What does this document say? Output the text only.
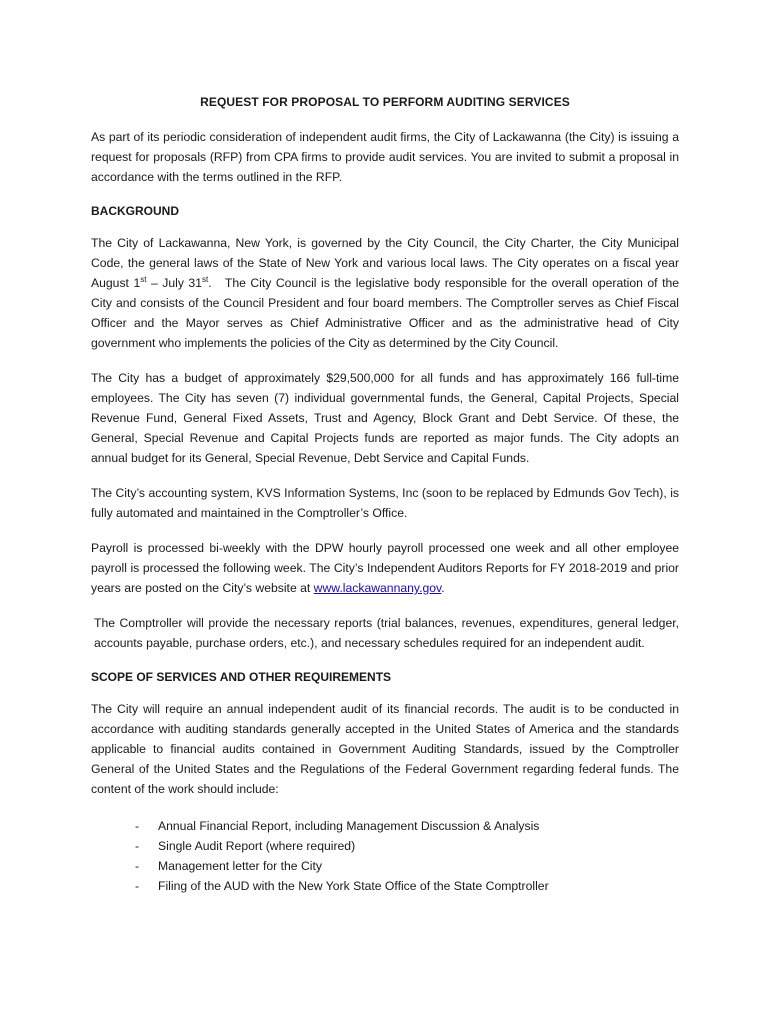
REQUEST FOR PROPOSAL TO PERFORM AUDITING SERVICES

As part of its periodic consideration of independent audit firms, the City of Lackawanna (the City) is issuing a request for proposals (RFP) from CPA firms to provide audit services. You are invited to submit a proposal in accordance with the terms outlined in the RFP.

BACKGROUND

The City of Lackawanna, New York, is governed by the City Council, the City Charter, the City Municipal Code, the general laws of the State of New York and various local laws. The City operates on a fiscal year August 1st – July 31st.   The City Council is the legislative body responsible for the overall operation of the City and consists of the Council President and four board members. The Comptroller serves as Chief Fiscal Officer and the Mayor serves as Chief Administrative Officer and as the administrative head of City government who implements the policies of the City as determined by the City Council.

The City has a budget of approximately $29,500,000 for all funds and has approximately 166 full-time employees. The City has seven (7) individual governmental funds, the General, Capital Projects, Special Revenue Fund, General Fixed Assets, Trust and Agency, Block Grant and Debt Service. Of these, the General, Special Revenue and Capital Projects funds are reported as major funds. The City adopts an annual budget for its General, Special Revenue, Debt Service and Capital Funds.

The City’s accounting system, KVS Information Systems, Inc (soon to be replaced by Edmunds Gov Tech), is fully automated and maintained in the Comptroller’s Office.

Payroll is processed bi-weekly with the DPW hourly payroll processed one week and all other employee payroll is processed the following week. The City’s Independent Auditors Reports for FY 2018-2019 and prior years are posted on the City’s website at www.lackawannany.gov.

The Comptroller will provide the necessary reports (trial balances, revenues, expenditures, general ledger, accounts payable, purchase orders, etc.), and necessary schedules required for an independent audit.

SCOPE OF SERVICES AND OTHER REQUIREMENTS

The City will require an annual independent audit of its financial records. The audit is to be conducted in accordance with auditing standards generally accepted in the United States of America and the standards applicable to financial audits contained in Government Auditing Standards, issued by the Comptroller General of the United States and the Regulations of the Federal Government regarding federal funds. The content of the work should include:

-	Annual Financial Report, including Management Discussion & Analysis
-	Single Audit Report (where required)
-	Management letter for the City
-	Filing of the AUD with the New York State Office of the State Comptroller
